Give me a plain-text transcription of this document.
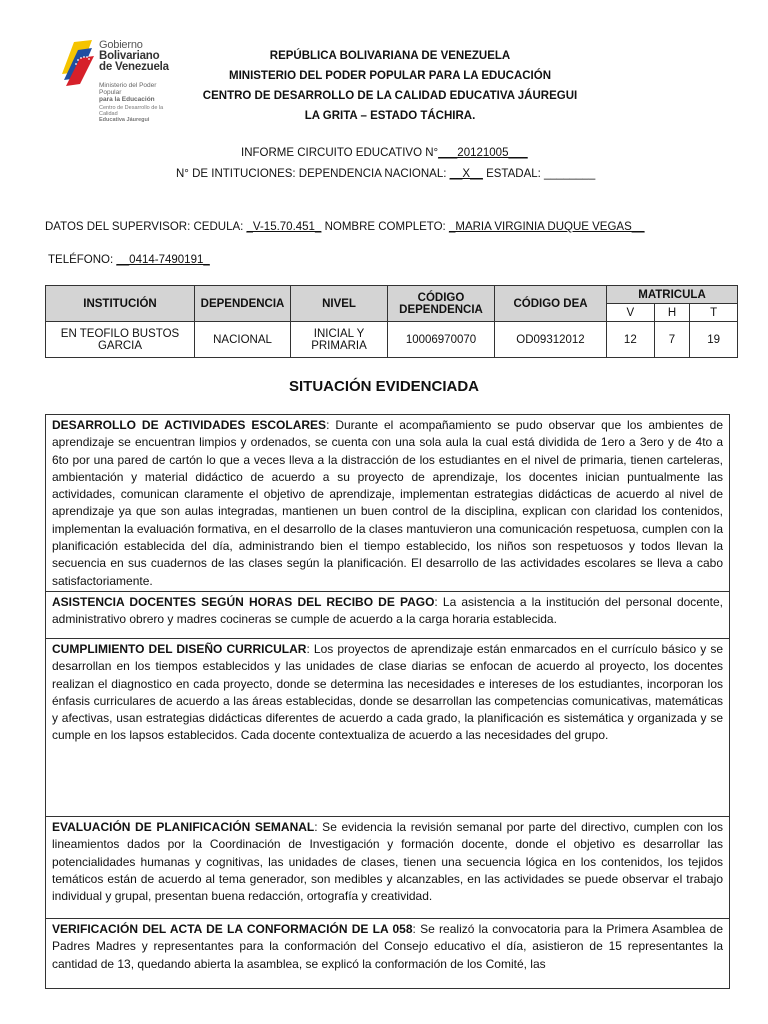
Gobierno
Bolivariano
de Venezuela
Ministerio del Poder Popular
para la Educación
Centro de Desarrollo de la Calidad
Educativa Jáuregui
REPÚBLICA BOLIVARIANA DE VENEZUELA
MINISTERIO DEL PODER POPULAR PARA LA EDUCACIÓN
CENTRO DE DESARROLLO DE LA CALIDAD EDUCATIVA JÁUREGUI
LA GRITA – ESTADO TÁCHIRA.
INFORME CIRCUITO EDUCATIVO N°___20121005___
N° DE INTITUCIONES: DEPENDENCIA NACIONAL: __X__ ESTADAL: ________
DATOS DEL SUPERVISOR: CEDULA: _V-15.70.451_ NOMBRE COMPLETO: _MARIA VIRGINIA DUQUE VEGAS__
TELÉFONO: __0414-7490191_
INSTITUCIÓN	DEPENDENCIA	NIVEL	CÓDIGO DEPENDENCIA	CÓDIGO DEA	MATRICULA		
					V	H	T
EN TEOFILO BUSTOS GARCIA	NACIONAL	INICIAL Y PRIMARIA	10006970070	OD09312012	12	7	19
SITUACIÓN EVIDENCIADA
DESARROLLO DE ACTIVIDADES ESCOLARES: Durante el acompañamiento se pudo observar que los ambientes de aprendizaje se encuentran limpios y ordenados, se cuenta con una sola aula la cual está dividida de 1ero a 3ero y de 4to a 6to por una pared de cartón lo que a veces lleva a la distracción de los estudiantes en el nivel de primaria, tienen carteleras, ambientación y material didáctico de acuerdo a su proyecto de aprendizaje, los docentes inician puntualmente las actividades, comunican claramente el objetivo de aprendizaje, implementan estrategias didácticas de acuerdo al nivel de aprendizaje ya que son aulas integradas, mantienen un buen control de la disciplina, explican con claridad los contenidos, implementan la evaluación formativa, en el desarrollo de la clases mantuvieron una comunicación respetuosa, cumplen con la planificación establecida del día, administrando bien el tiempo establecido, los niños son respetuosos y todos llevan la secuencia en sus cuadernos de las clases según la planificación. El desarrollo de las actividades escolares se lleva a cabo satisfactoriamente.
ASISTENCIA DOCENTES SEGÚN HORAS DEL RECIBO DE PAGO: La asistencia a la institución del personal docente, administrativo obrero y madres cocineras se cumple de acuerdo a la carga horaria establecida.
CUMPLIMIENTO DEL DISEÑO CURRICULAR: Los proyectos de aprendizaje están enmarcados en el currículo básico y se desarrollan en los tiempos establecidos y las unidades de clase diarias se enfocan de acuerdo al proyecto, los docentes realizan el diagnostico en cada proyecto, donde se determina las necesidades e intereses de los estudiantes, incorporan los énfasis curriculares de acuerdo a las áreas establecidas, donde se desarrollan las competencias comunicativas, matemáticas y afectivas, usan estrategias didácticas diferentes de acuerdo a cada grado, la planificación es sistemática y organizada y se cumple en los lapsos establecidos. Cada docente contextualiza de acuerdo a las necesidades del grupo.
EVALUACIÓN DE PLANIFICACIÓN SEMANAL: Se evidencia la revisión semanal por parte del directivo, cumplen con los lineamientos dados por la Coordinación de Investigación y formación docente, donde el objetivo es desarrollar las potencialidades humanas y cognitivas, las unidades de clases, tienen una secuencia lógica en los contenidos, los tejidos temáticos están de acuerdo al tema generador, son medibles y alcanzables, en las actividades se puede observar el trabajo individual y grupal, presentan buena redacción, ortografía y creatividad.
VERIFICACIÓN DEL ACTA DE LA CONFORMACIÓN DE LA 058: Se realizó la convocatoria para la Primera Asamblea de Padres Madres y representantes para la conformación del Consejo educativo el día, asistieron de 15 representantes la cantidad de 13, quedando abierta la asamblea, se explicó la conformación de los Comité, las
